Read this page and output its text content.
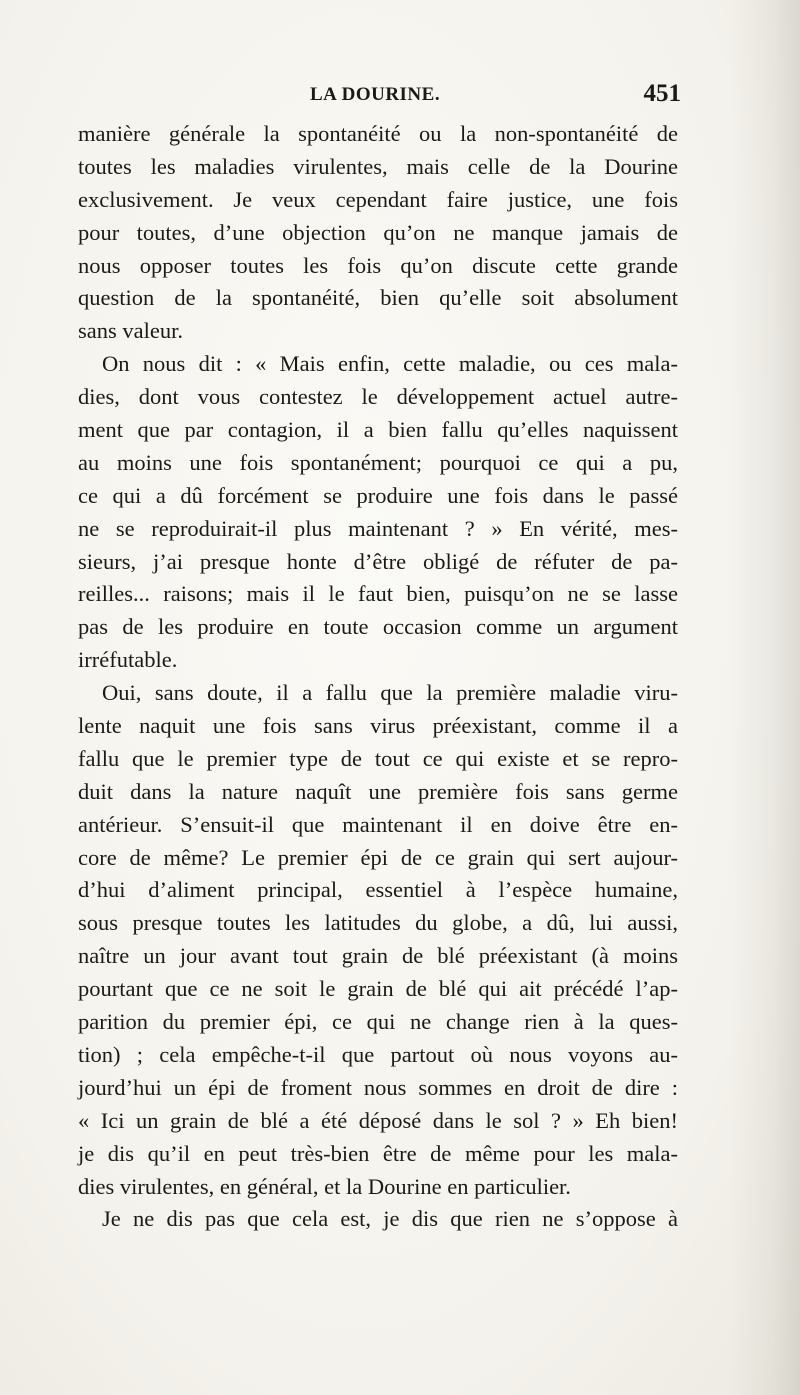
LA DOURINE.	451
manière générale la spontanéité ou la non-spontanéité de
toutes les maladies virulentes, mais celle de la Dourine
exclusivement. Je veux cependant faire justice, une fois
pour toutes, d’une objection qu’on ne manque jamais de
nous opposer toutes les fois qu’on discute cette grande
question de la spontanéité, bien qu’elle soit absolument
sans valeur.
On nous dit : « Mais enfin, cette maladie, ou ces mala-
dies, dont vous contestez le développement actuel autre-
ment que par contagion, il a bien fallu qu’elles naquissent
au moins une fois spontanément; pourquoi ce qui a pu,
ce qui a dû forcément se produire une fois dans le passé
ne se reproduirait-il plus maintenant ? » En vérité, mes-
sieurs, j’ai presque honte d’être obligé de réfuter de pa-
reilles... raisons; mais il le faut bien, puisqu’on ne se lasse
pas de les produire en toute occasion comme un argument
irréfutable.
Oui, sans doute, il a fallu que la première maladie viru-
lente naquit une fois sans virus préexistant, comme il a
fallu que le premier type de tout ce qui existe et se repro-
duit dans la nature naquît une première fois sans germe
antérieur. S’ensuit-il que maintenant il en doive être en-
core de même? Le premier épi de ce grain qui sert aujour-
d’hui d’aliment principal, essentiel à l’espèce humaine,
sous presque toutes les latitudes du globe, a dû, lui aussi,
naître un jour avant tout grain de blé préexistant (à moins
pourtant que ce ne soit le grain de blé qui ait précédé l’ap-
parition du premier épi, ce qui ne change rien à la ques-
tion) ; cela empêche-t-il que partout où nous voyons au-
jourd’hui un épi de froment nous sommes en droit de dire :
« Ici un grain de blé a été déposé dans le sol ? » Eh bien!
je dis qu’il en peut très-bien être de même pour les mala-
dies virulentes, en général, et la Dourine en particulier.
Je ne dis pas que cela est, je dis que rien ne s’oppose à
